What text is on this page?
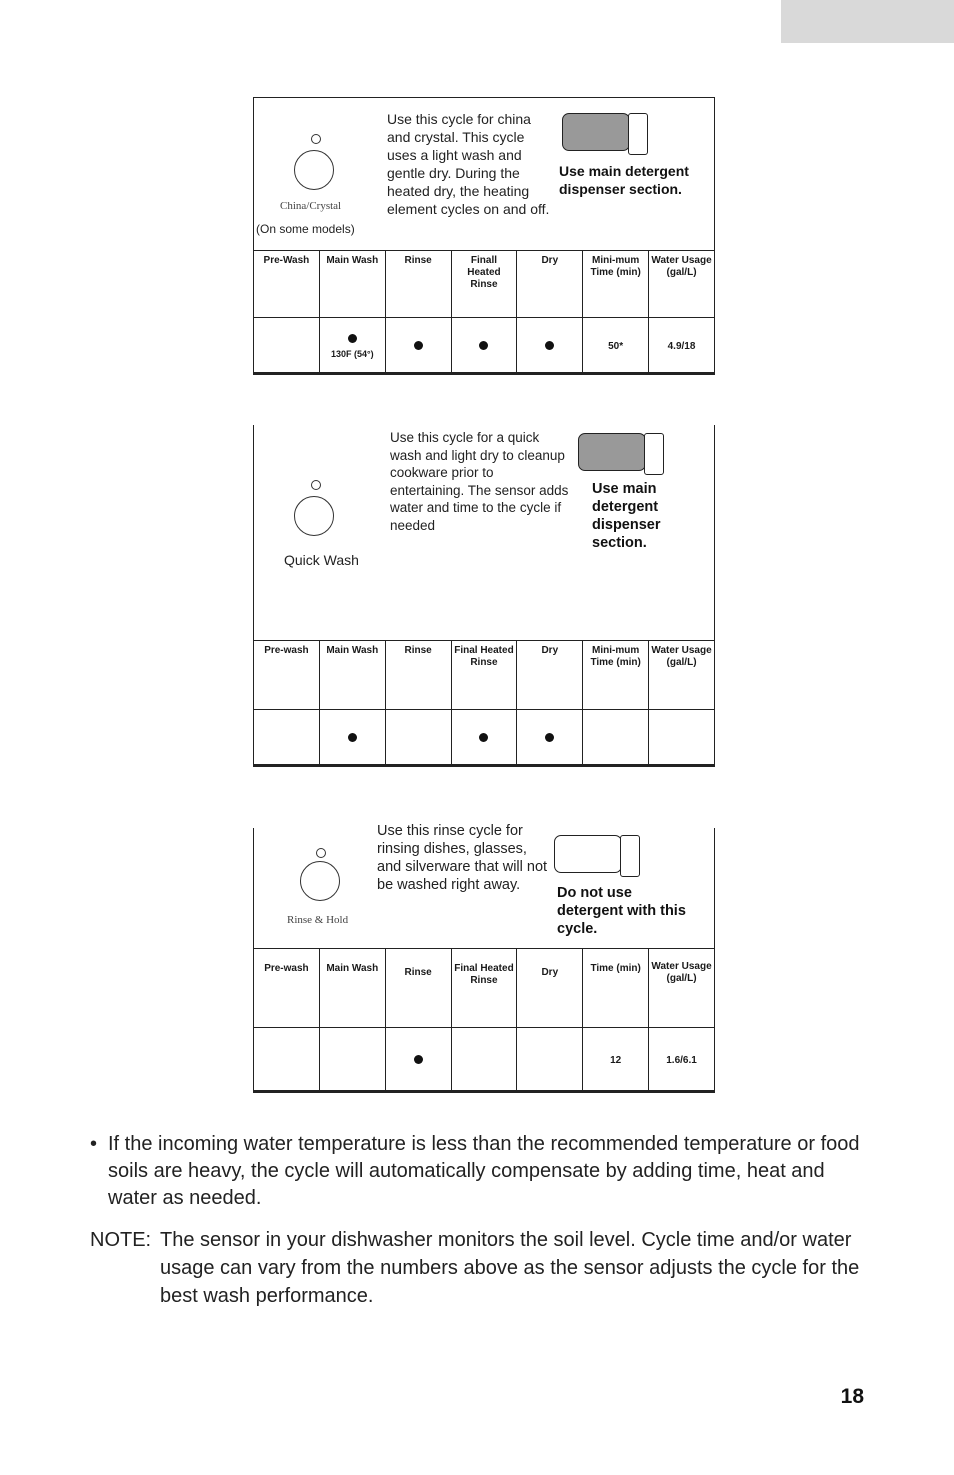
China/Crystal
(On some models)
Use this cycle for china and crystal. This cycle uses a light wash and gentle dry. During the heated dry, the heating element cycles on and off.
Use main detergent dispenser section.
Pre-Wash	Main Wash	Rinse	Finall Heated Rinse	Dry	Mini-mum Time (min)	Water Usage (gal/L)

	130F (54°)				50*	4.9/18
Quick Wash
Use this cycle for a quick wash and light dry to cleanup cookware prior to entertaining. The sensor adds water and time to the cycle if needed
Use main detergent dispenser section.
Pre-wash	Main Wash	Rinse	Final Heated Rinse	Dry	Mini-mum Time (min)	Water Usage (gal/L)

Rinse & Hold
Use this rinse cycle for rinsing dishes, glasses, and silverware that will not be washed right away.	Do not use detergent with this cycle.
Pre-wash	Main Wash	Rinse	Final Heated Rinse	Dry	Time (min)	Water Usage (gal/L)
					12	1.6/6.1
• If the incoming water temperature is less than the recommended temperature or food soils are heavy, the cycle will automatically compensate by adding time, heat and water as needed.
NOTE: The sensor in your dishwasher monitors the soil level. Cycle time and/or water usage can vary from the numbers above as the sensor adjusts the cycle for the best wash performance.
18
